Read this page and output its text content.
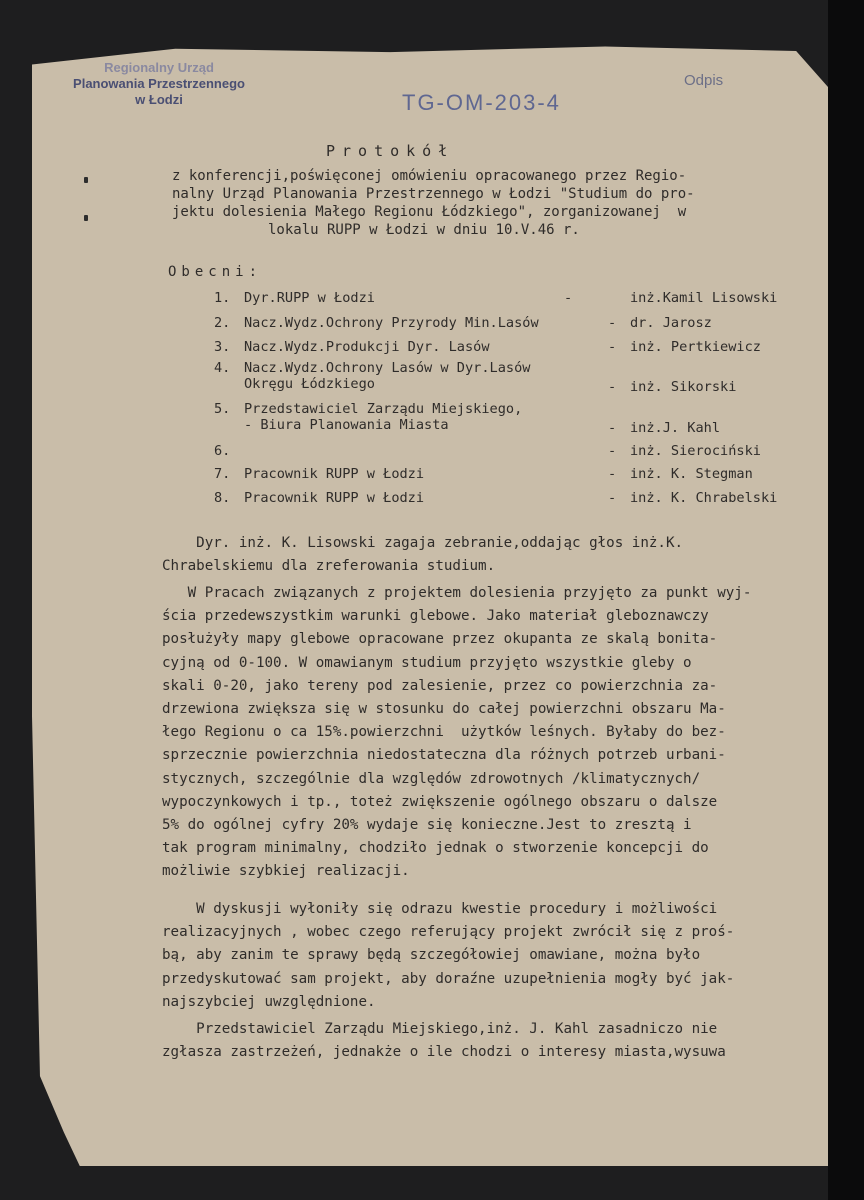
Regionalny Urząd
Planowania Przestrzennego
w Łodzi	TG-OM-203-4
Odpis
Protokół
z konferencji,poświęconej omówieniu opracowanego przez Regio-
nalny Urząd Planowania Przestrzennego w Łodzi "Studium do pro-
jektu dolesienia Małego Regionu Łódzkiego", zorganizowanej  w
lokalu RUPP w Łodzi w dniu 10.V.46 r.
Obecni:
1. Dyr.RUPP w Łodzi	-	inż.Kamil Lisowski
2. Nacz.Wydz.Ochrony Przyrody Min.Lasów	- dr. Jarosz
3. Nacz.Wydz.Produkcji Dyr. Lasów	- inż. Pertkiewicz
4. Nacz.Wydz.Ochrony Lasów w Dyr.Lasów
Okręgu Łódzkiego	- inż. Sikorski
5. Przedstawiciel Zarządu Miejskiego,
- Biura Planowania Miasta	- inż.J. Kahl
6.	- inż. Sierociński
7. Pracownik RUPP w Łodzi	- inż. K. Stegman
8. Pracownik RUPP w Łodzi	- inż. K. Chrabelski
Dyr. inż. K. Lisowski zagaja zebranie,oddając głos inż.K.
Chrabelskiemu dla zreferowania studium.
W Pracach związanych z projektem dolesienia przyjęto za punkt wyj-
ścia przedewszystkim warunki glebowe. Jako materiał gleboznawczy
posłużyły mapy glebowe opracowane przez okupanta ze skalą bonita-
cyjną od 0-100. W omawianym studium przyjęto wszystkie gleby o
skali 0-20, jako tereny pod zalesienie, przez co powierzchnia za-
drzewiona zwiększa się w stosunku do całej powierzchni obszaru Ma-
łego Regionu o ca 15%.powierzchni  użytków leśnych. Byłaby do bez-
sprzecznie powierzchnia niedostateczna dla różnych potrzeb urbani-
stycznych, szczególnie dla względów zdrowotnych /klimatycznych/
wypoczynkowych i tp., toteż zwiększenie ogólnego obszaru o dalsze
5% do ogólnej cyfry 20% wydaje się konieczne.Jest to zresztą i
tak program minimalny, chodziło jednak o stworzenie koncepcji do
możliwie szybkiej realizacji.
W dyskusji wyłoniły się odrazu kwestie procedury i możliwości
realizacyjnych , wobec czego referujący projekt zwrócił się z proś-
bą, aby zanim te sprawy będą szczegółowiej omawiane, można było
przedyskutować sam projekt, aby doraźne uzupełnienia mogły być jak-
najszybciej uwzględnione.
Przedstawiciel Zarządu Miejskiego,inż. J. Kahl zasadniczo nie
zgłasza zastrzeżeń, jednakże o ile chodzi o interesy miasta,wysuwa
